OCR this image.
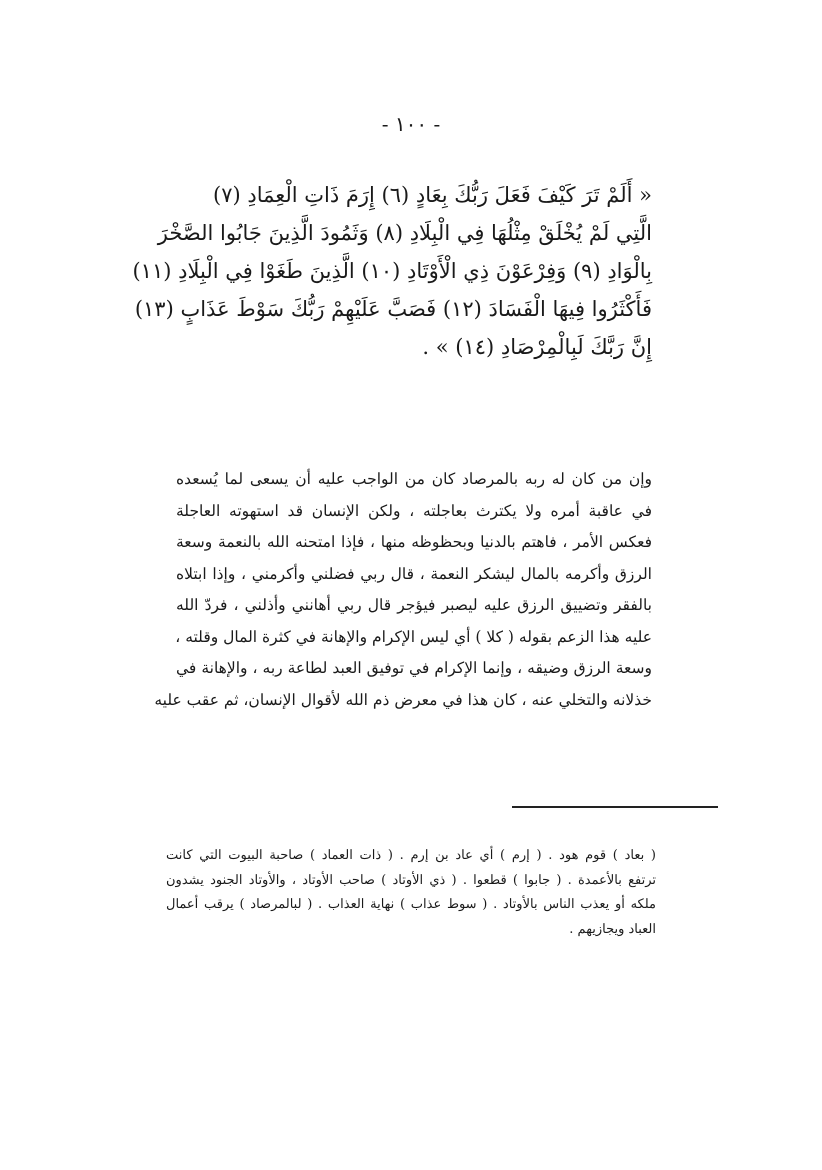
- ١٠٠ -
« أَلَمْ تَرَ كَيْفَ فَعَلَ رَبُّكَ بِعَادٍ (٦) إِرَمَ ذَاتِ الْعِمَادِ (٧)
الَّتِي لَمْ يُخْلَقْ مِثْلُهَا فِي الْبِلَادِ (٨) وَثَمُودَ الَّذِينَ جَابُوا الصَّخْرَ
بِالْوَادِ (٩) وَفِرْعَوْنَ ذِي الْأَوْتَادِ (١٠) الَّذِينَ طَغَوْا فِي الْبِلَادِ (١١)
فَأَكْثَرُوا فِيهَا الْفَسَادَ (١٢) فَصَبَّ عَلَيْهِمْ رَبُّكَ سَوْطَ عَذَابٍ (١٣)
إِنَّ رَبَّكَ لَبِالْمِرْصَادِ (١٤) » .
وإن من كان له ربه بالمرصاد كان من الواجب عليه أن يسعى لما يُسعده
في عاقبة أمره ولا يكترث بعاجلته ، ولكن الإنسان قد استهوته العاجلة
فعكس الأمر ، فاهتم بالدنيا وبحظوظه منها ، فإذا امتحنه الله بالنعمة وسعة
الرزق وأكرمه بالمال ليشكر النعمة ، قال ربي فضلني وأكرمني ، وإذا ابتلاه
بالفقر وتضييق الرزق عليه ليصبر فيؤجر قال ربي أهانني وأذلني ، فردّ الله
عليه هذا الزعم بقوله ( كلا ) أي ليس الإكرام والإهانة في كثرة المال وقلته ،
وسعة الرزق وضيقه ، وإنما الإكرام في توفيق العبد لطاعة ربه ، والإهانة في
خذلانه والتخلي عنه ، كان هذا في معرض ذم الله لأقوال الإنسان، ثم عقب عليه
( بعاد ) قوم هود . ( إرم ) أي عاد بن إرم . ( ذات العماد ) صاحبة البيوت التي كانت
ترتفع بالأعمدة . ( جابوا ) قطعوا . ( ذي الأوتاد ) صاحب الأوتاد ، والأوتاد الجنود يشدون
ملكه أو يعذب الناس بالأوتاد . ( سوط عذاب ) نهاية العذاب . ( لبالمرصاد ) يرقب أعمال
العباد ويجازيهم .
